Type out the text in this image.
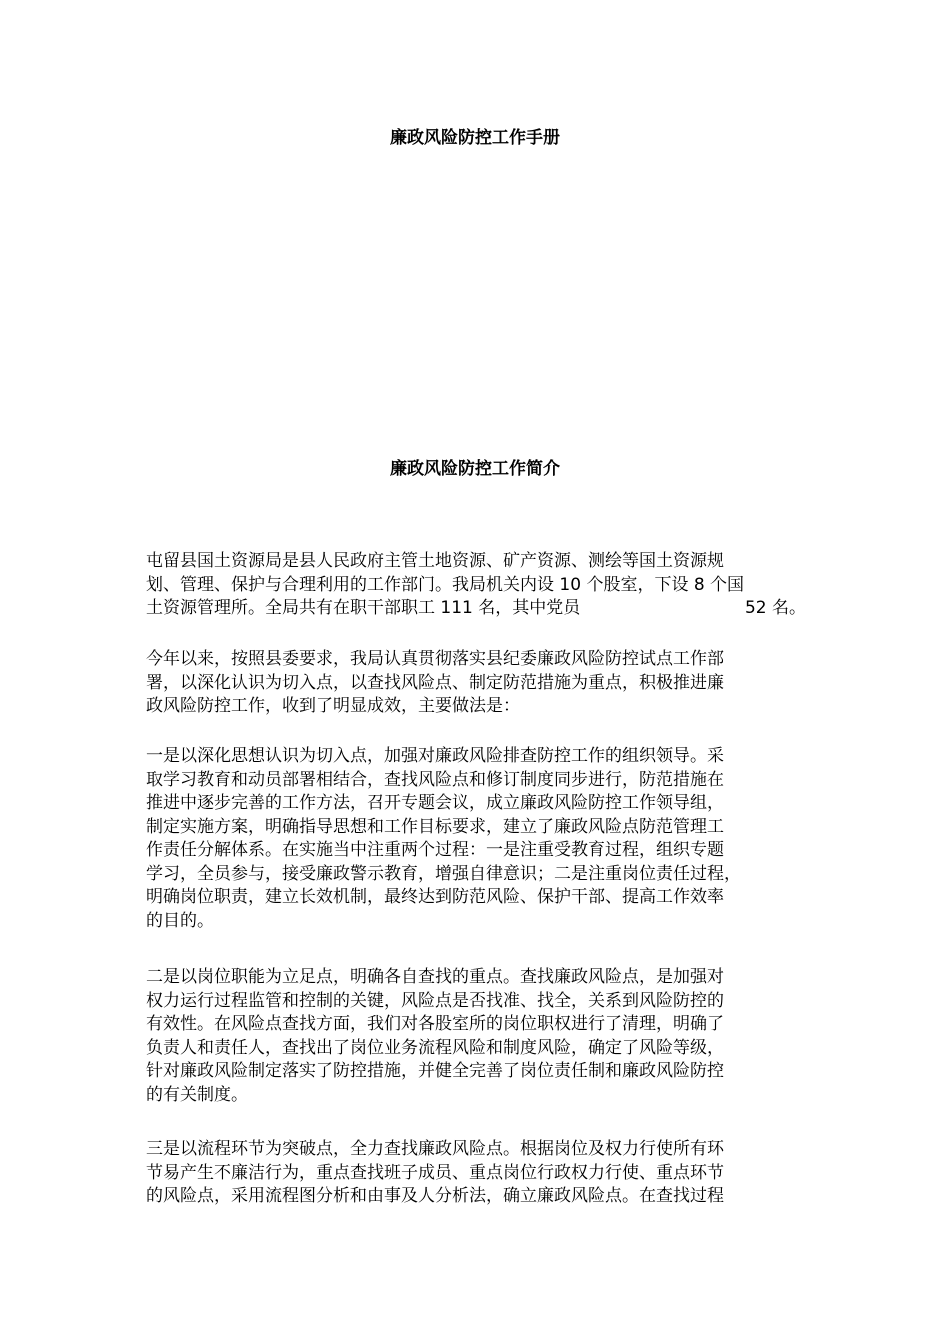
廉政风险防控工作手册
廉政风险防控工作简介

屯留县国土资源局是县人民政府主管土地资源、矿产资源、测绘等国土资源规
划、管理、保护与合理利用的工作部门。我局机关内设 10 个股室，下设 8 个国
土资源管理所。全局共有在职干部职工 111 名，其中党员	52 名。

今年以来，按照县委要求，我局认真贯彻落实县纪委廉政风险防控试点工作部
署，以深化认识为切入点，以查找风险点、制定防范措施为重点，积极推进廉
政风险防控工作，收到了明显成效，主要做法是：

一是以深化思想认识为切入点，加强对廉政风险排查防控工作的组织领导。采
取学习教育和动员部署相结合，查找风险点和修订制度同步进行，防范措施在
推进中逐步完善的工作方法，召开专题会议，成立廉政风险防控工作领导组，
制定实施方案，明确指导思想和工作目标要求，建立了廉政风险点防范管理工
作责任分解体系。在实施当中注重两个过程：一是注重受教育过程，组织专题
学习，全员参与，接受廉政警示教育，增强自律意识；二是注重岗位责任过程，
明确岗位职责，建立长效机制，最终达到防范风险、保护干部、提高工作效率
的目的。

二是以岗位职能为立足点，明确各自查找的重点。查找廉政风险点，是加强对
权力运行过程监管和控制的关键，风险点是否找准、找全，关系到风险防控的
有效性。在风险点查找方面，我们对各股室所的岗位职权进行了清理，明确了
负责人和责任人，查找出了岗位业务流程风险和制度风险，确定了风险等级，
针对廉政风险制定落实了防控措施，并健全完善了岗位责任制和廉政风险防控
的有关制度。

三是以流程环节为突破点，全力查找廉政风险点。根据岗位及权力行使所有环
节易产生不廉洁行为，重点查找班子成员、重点岗位行政权力行使、重点环节
的风险点，采用流程图分析和由事及人分析法，确立廉政风险点。在查找过程
